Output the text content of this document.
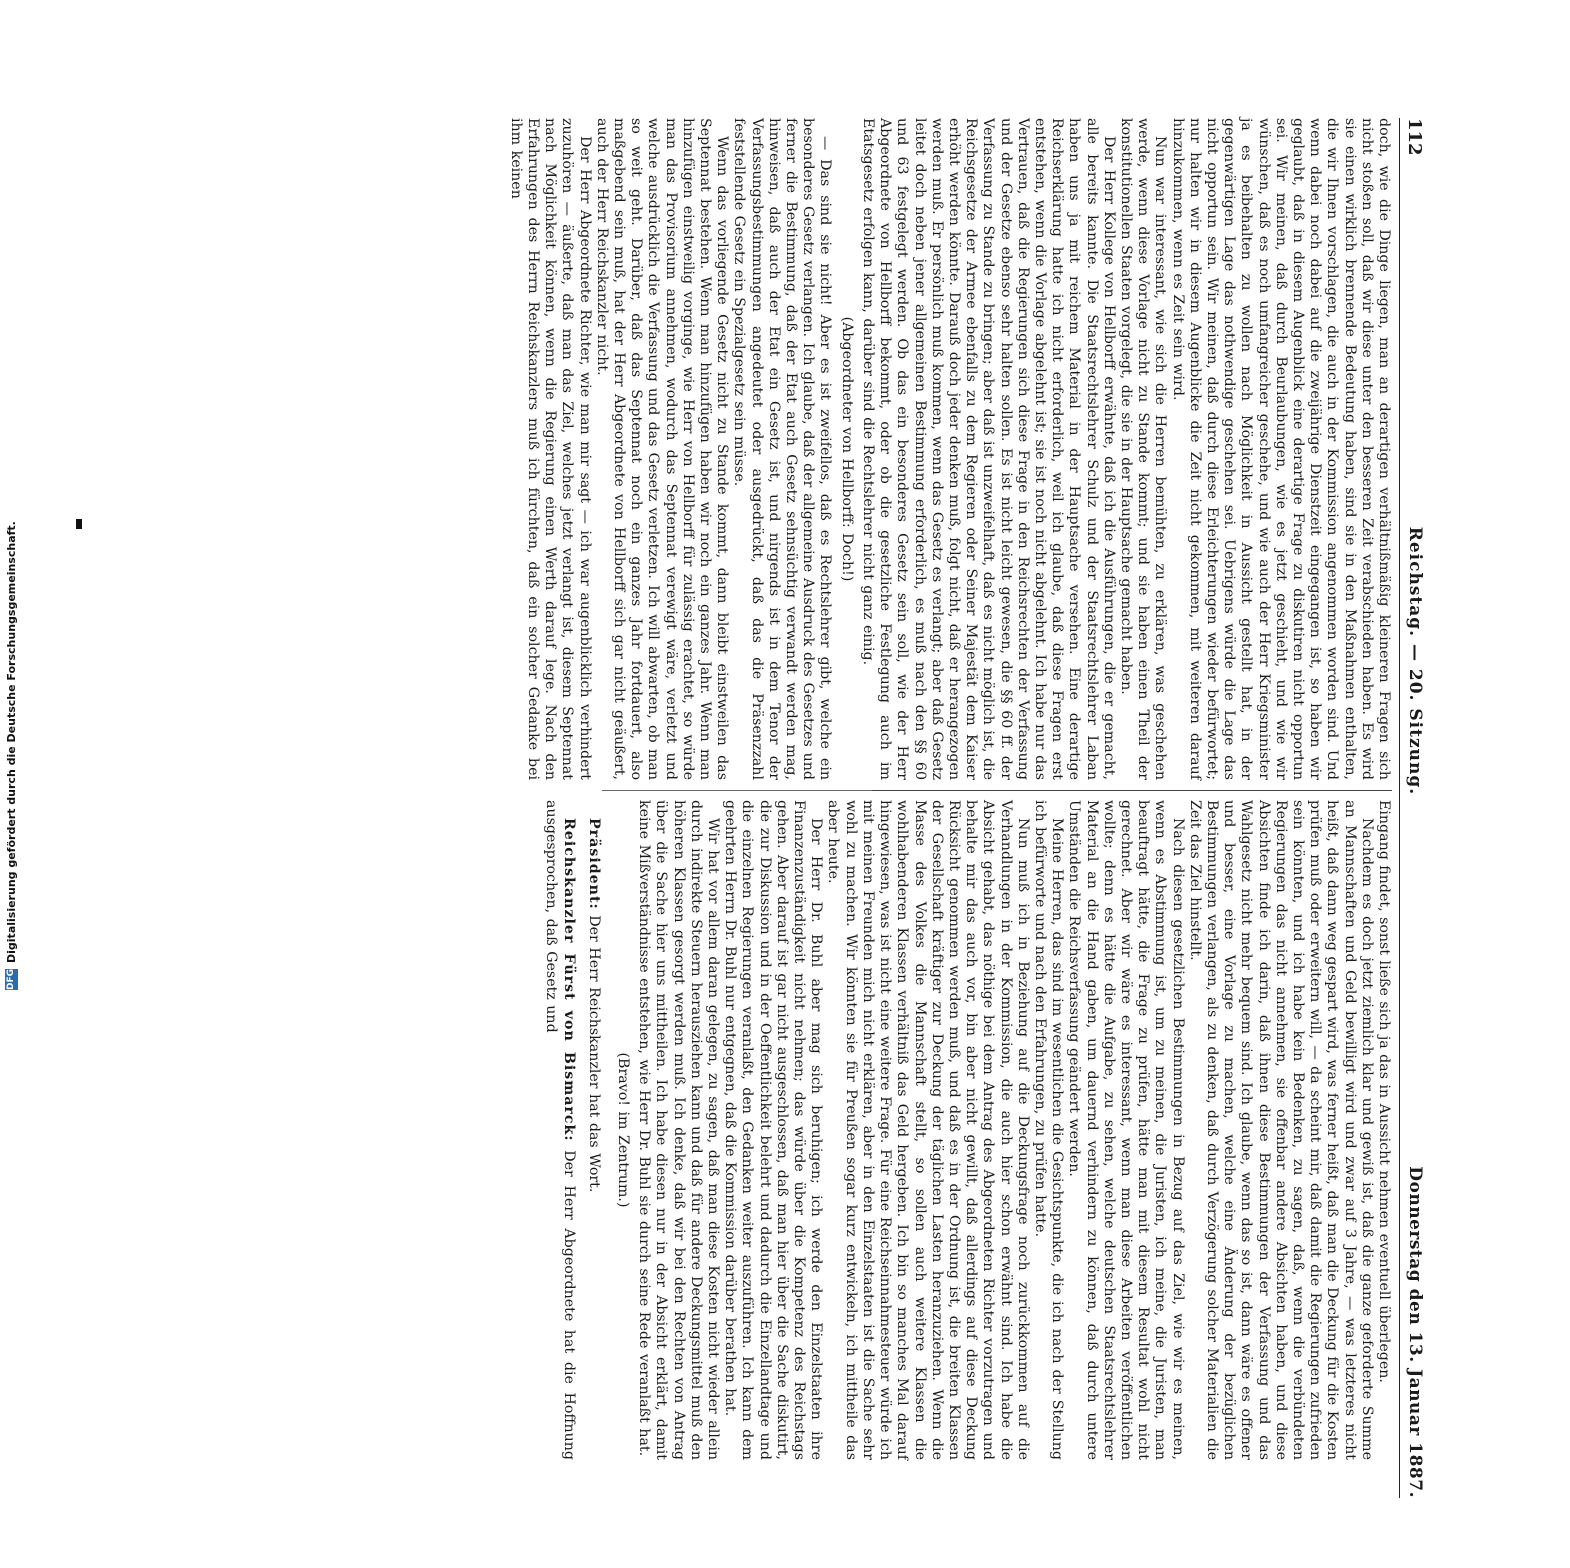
DFG
Digitalisierung gefördert durch die Deutsche Forschungsgemeinschaft.
112
Reichstag. — 20. Sitzung.
Donnerstag den 13. Januar 1887.

doch, wie die Dinge liegen, man an derartigen verhältnißmäßig kleineren Fragen sich nicht stoßen soll, daß wir diese unter den besseren Zeit verabschieden haben. Es wird sie einen wirklich brennende Bedeutung haben, sind sie in den Maßnahmen enthalten, die wir Ihnen vorschlagen, die auch in der Kommission angenommen worden sind. Und wenn dabei noch dabei auf die zweijährige Dienstzeit eingegangen ist, so haben wir geglaubt, daß in diesem Augenblick eine derartige Frage zu diskutiren nicht opportun sei. Wir meinen, daß durch Beurlaubungen, wie es jetzt geschieht, und wie wir wünschen, daß es noch umfangreicher geschehe, und wie auch der Herr Kriegsminister ja es beibehalten zu wollen nach Möglichkeit in Aussicht gestellt hat, in der gegenwärtigen Lage das nothwendige geschehen sei. Uebrigens würde die Lage das nicht opportun sein. Wir meinen, daß durch diese Erleichterungen wieder befürwortet; nur halten wir in diesem Augenblicke die Zeit nicht gekommen, mit weiteren darauf hinzukommen, wenn es Zeit sein wird.

Nun war interessant, wie sich die Herren bemühten, zu erklären, was geschehen werde, wenn diese Vorlage nicht zu Stande kommt; und sie haben einen Theil der konstitutionellen Staaten vorgelegt, die sie in der Hauptsache gemacht haben.

Der Herr Kollege von Hellborff erwähnte, daß ich die Ausführungen, die er gemacht, alle bereits kannte. Die Staatsrechtslehrer Schulz und der Staatsrechtslehrer Laban haben uns ja mit reichem Material in der Hauptsache versehen. Eine derartige Reichserklärung hatte ich nicht erforderlich, weil ich glaube, daß diese Fragen erst entstehen, wenn die Vorlage abgelehnt ist; sie ist noch nicht abgelehnt. Ich habe nur das Vertrauen, daß die Regierungen sich diese Frage in den Reichsrechten der Verfassung und der Gesetze ebenso sehr halten sollen. Es ist nicht leicht gewesen, die §§ 60 ff. der Verfassung zu Stande zu bringen; aber daß ist unzweifelhaft, daß es nicht möglich ist, die Reichsgesetze der Armee ebenfalls zu dem Regieren oder Seiner Majestät dem Kaiser erhöht werden könnte. Darauß doch jeder denken muß, folgt nicht, daß er herangezogen werden muß. Er persönlich muß kommen, wenn das Gesetz es verlangt; aber daß Gesetz leitet doch neben jener allgemeinen Bestimmung erforderlich, es muß nach den §§ 60 und 63 festgelegt werden. Ob das ein besonderes Gesetz sein soll, wie der Herr Abgeordnete von Hellborff bekommt, oder ob die gesetzliche Festlegung auch im Etatsgesetz erfolgen kann, darüber sind die Rechtslehrer nicht ganz einig.

(Abgeordneter von Hellborff: Doch!)

— Das sind sie nicht! Aber es ist zweifellos, daß es Rechtslehrer gibt, welche ein besonderes Gesetz verlangen. Ich glaube, daß der allgemeine Ausdruck des Gesetzes und ferner die Bestimmung, daß der Etat auch Gesetz sehnsüchtig verwandt werden mag, hinweisen, daß auch der Etat ein Gesetz ist, und nirgends ist in dem Tenor der Verfassungsbestimmungen angedeutet oder ausgedrückt, daß das die Präsenzzahl feststellende Gesetz ein Spezialgesetz sein müsse.

Wenn das vorliegende Gesetz nicht zu Stande kommt, dann bleibt einstweilen das Septennat bestehen. Wenn man hinzufügen haben wir noch ein ganzes Jahr. Wenn man hinzufügen einstweilig vorginge, wie Herr von Hellborff für zulässig erachtet, so würde man das Provisorium annehmen, wodurch das Septennat verewigt wäre, verletzt und welche ausdrücklich die Verfassung und das Gesetz verletzen. Ich will abwarten, ob man so weit geht. Darüber, daß das Septennat noch ein ganzes Jahr fortdauert, also maßgebend sein muß, hat der Herr Abgeordnete von Hellborff sich gar nicht geäußert, auch der Herr Reichskanzler nicht.

Der Herr Abgeordnete Richter, wie man mir sagt — ich war augenblicklich verhindert zuzuhören — äußerte, daß man das Ziel, welches jetzt verlangt ist, diesem Septennat nach Möglichkeit können, wenn die Regierung einen Werth darauf lege. Nach den Erfahrungen des Herrn Reichskanzlers muß ich fürchten, daß ein solcher Gedanke bei ihm keinen

Eingang findet, sonst ließe sich ja das in Aussicht nehmen eventuell überlegen.

Nachdem es doch jetzt ziemlich klar und gewiß ist, daß die ganze geforderte Summe an Mannschaften und Geld bewilligt wird und zwar auf 3 Jahre, — was letzteres nicht heißt, daß dann weg gespart wird, was ferner heißt, daß man die Deckung für die Kosten prüfen muß oder erweitern will, — da scheint mir, daß damit die Regierungen zufrieden sein könnten, und ich habe kein Bedenken, zu sagen, daß, wenn die verbündeten Regierungen das nicht annehmen, sie offenbar andere Absichten haben, und diese Absichten finde ich darin, daß ihnen diese Bestimmungen der Verfassung und das Wahlgesetz nicht mehr bequem sind. Ich glaube, wenn das so ist, dann wäre es offener und besser, eine Vorlage zu machen, welche eine Änderung der bezüglichen Bestimmungen verlangen, als zu denken, daß durch Verzögerung solcher Materialien die Zeit das Ziel hinstellt.

Nach diesen gesetzlichen Bestimmungen in Bezug auf das Ziel, wie wir es meinen, wenn es Abstimmung ist, um zu meinen, die Juristen, ich meine, die Juristen, man beauftragt hätte, die Frage zu prüfen, hätte man mit diesem Resultat wohl nicht gerechnet. Aber wir wäre es interessant, wenn man diese Arbeiten veröffentlichen wollte; denn es hätte die Aufgabe, zu sehen, welche deutschen Staatsrechtslehrer Material an die Hand gaben, um dauernd verhindern zu können, daß durch untere Umständen die Reichsverfassung geändert werden.

Meine Herren, das sind im wesentlichen die Gesichtspunkte, die ich nach der Stellung ich befürworte und nach den Erfahrungen, zu prüfen hatte.

Nun muß ich in Beziehung auf die Deckungsfrage noch zurückkommen auf die Verhandlungen in der Kommission, die auch hier schon erwähnt sind. Ich habe die Absicht gehabt, das nöthige bei dem Antrag des Abgeordneten Richter vorzutragen und behalte mir das auch vor, bin aber nicht gewillt, daß allerdings auf diese Deckung Rücksicht genommen werden muß, und daß es in der Ordnung ist, die breiten Klassen der Gesellschaft kräftiger zur Deckung der täglichen Lasten heranzuziehen. Wenn die Masse des Volkes die Mannschaft stellt, so sollen auch weitere Klassen die wohlhabenderen Klassen verhältniß das Geld hergeben. Ich bin so manches Mal darauf hingewiesen, was ist nicht eine weitere Frage. Für eine Reichseinnahmesteuer würde ich mit meinen Freunden mich nicht erklären, aber in den Einzelstaaten ist die Sache sehr wohl zu machen. Wir könnten sie für Preußen sogar kurz entwickeln, ich mittheile das aber heute.

Der Herr Dr. Buhl aber mag sich beruhigen; ich werde den Einzelstaaten ihre Finanzenzuständigkeit nicht nehmen; das würde über die Kompetenz des Reichstags gehen. Aber darauf ist gar nicht ausgeschlossen, daß man hier über die Sache diskutirt, die zur Diskussion und in der Oeffentlichkeit belehrt und dadurch die Einzellandtage und die einzelnen Regierungen veranlaßt, den Gedanken weiter auszuführen. Ich kann dem geehrten Herrn Dr. Buhl nur entgegnen, daß die Kommission darüber berathen hat.

Wir hat vor allem daran gelegen, zu sagen, daß man diese Kosten nicht wieder allein durch indirekte Steuern herausziehen kann und daß für andere Deckungsmittel muß den höheren Klassen gesorgt werden muß. Ich denke, daß wir bei den Rechten von Antrag über die Sache hier uns mittheilen. Ich habe diesen nur in der Absicht erklärt, damit keine Mißverständnisse entstehen, wie Herr Dr. Buhl sie durch seine Rede veranlaßt hat.

(Bravo! im Zentrum.)

Präsident: Der Herr Reichskanzler hat das Wort.

Reichskanzler Fürst von Bismarck: Der Herr Abgeordnete hat die Hoffnung ausgesprochen, daß Gesetz und
